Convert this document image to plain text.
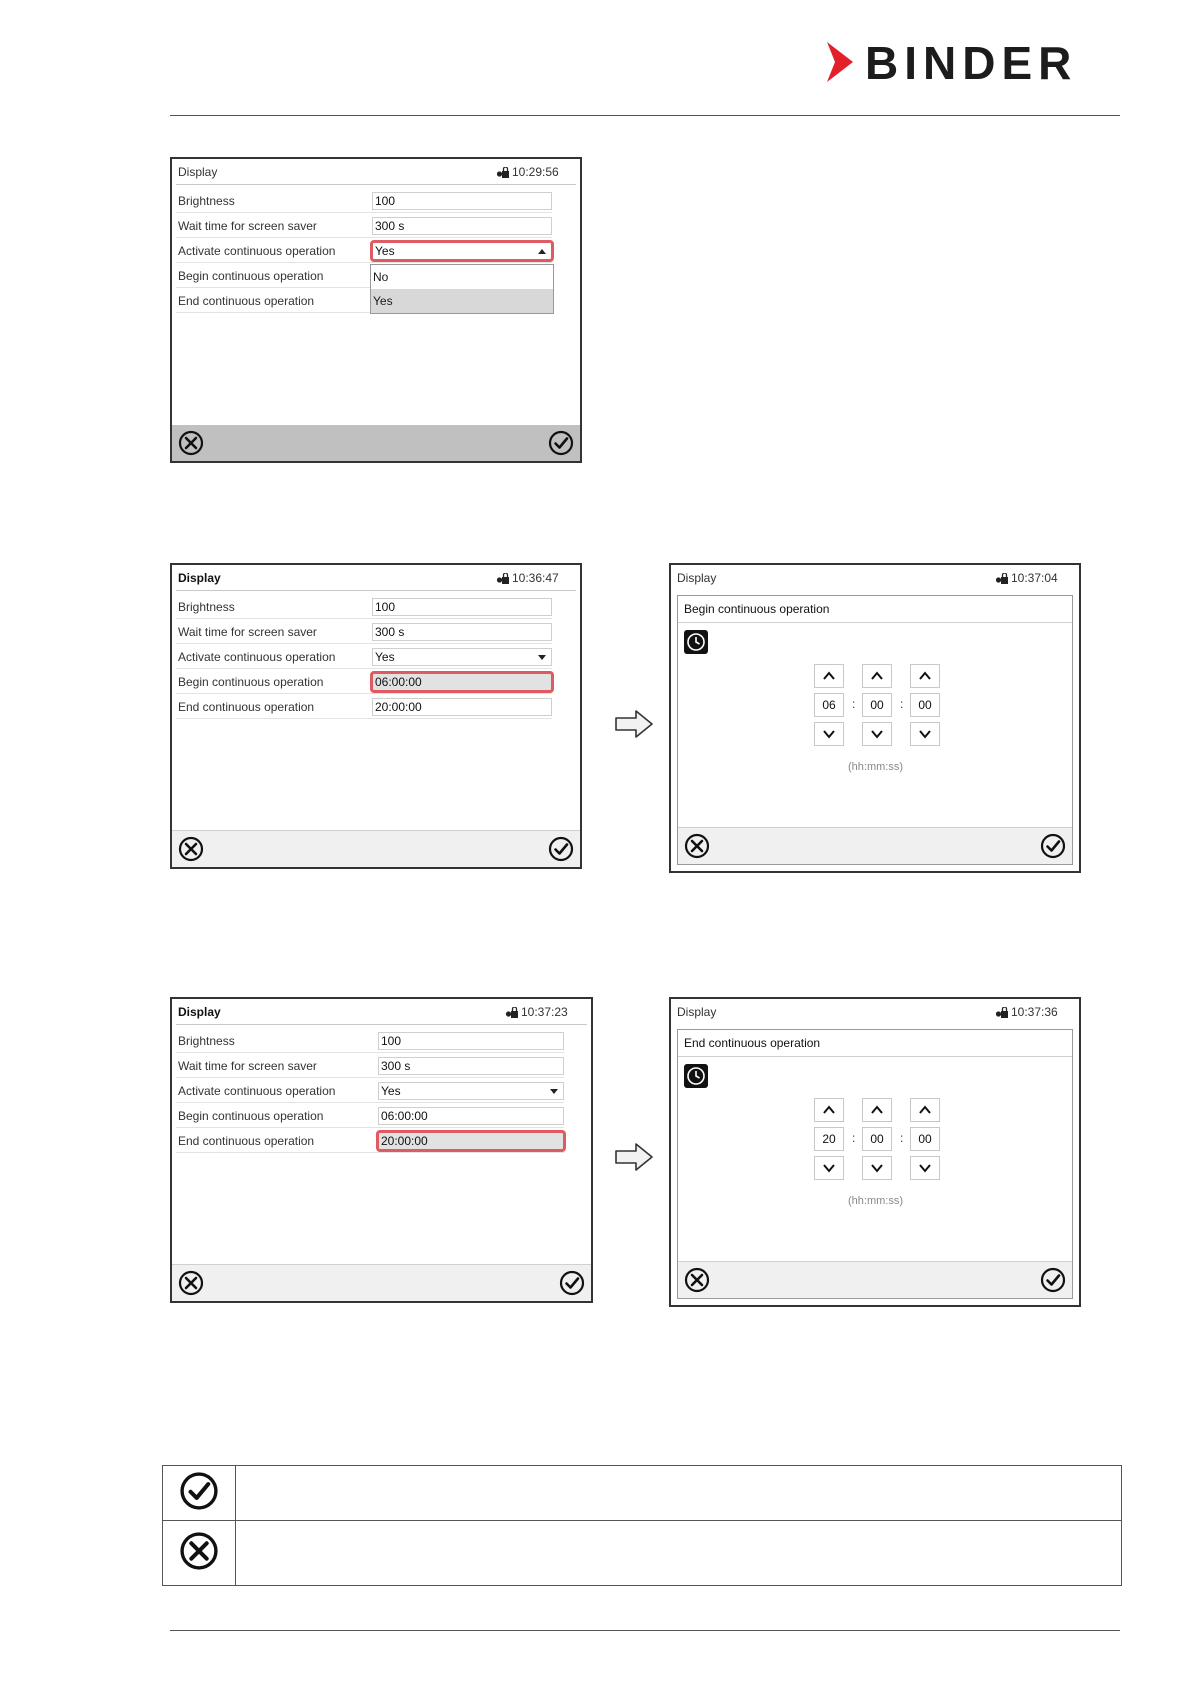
BINDER
Display	10:29:56
Brightness	100
Wait time for screen saver	300 s
Activate continuous operation	Yes
Begin continuous operation
End continuous operation
No
Yes
Display	10:36:47
Brightness	100
Wait time for screen saver	300 s
Activate continuous operation	Yes
Begin continuous operation	06:00:00
End continuous operation	20:00:00
Display	10:37:04
Begin continuous operation
06	:	00	:	00
(hh:mm:ss)
Display	10:37:23
Brightness	100
Wait time for screen saver	300 s
Activate continuous operation	Yes
Begin continuous operation	06:00:00
End continuous operation	20:00:00
Display	10:37:36
End continuous operation
20	:	00	:	00
(hh:mm:ss)
